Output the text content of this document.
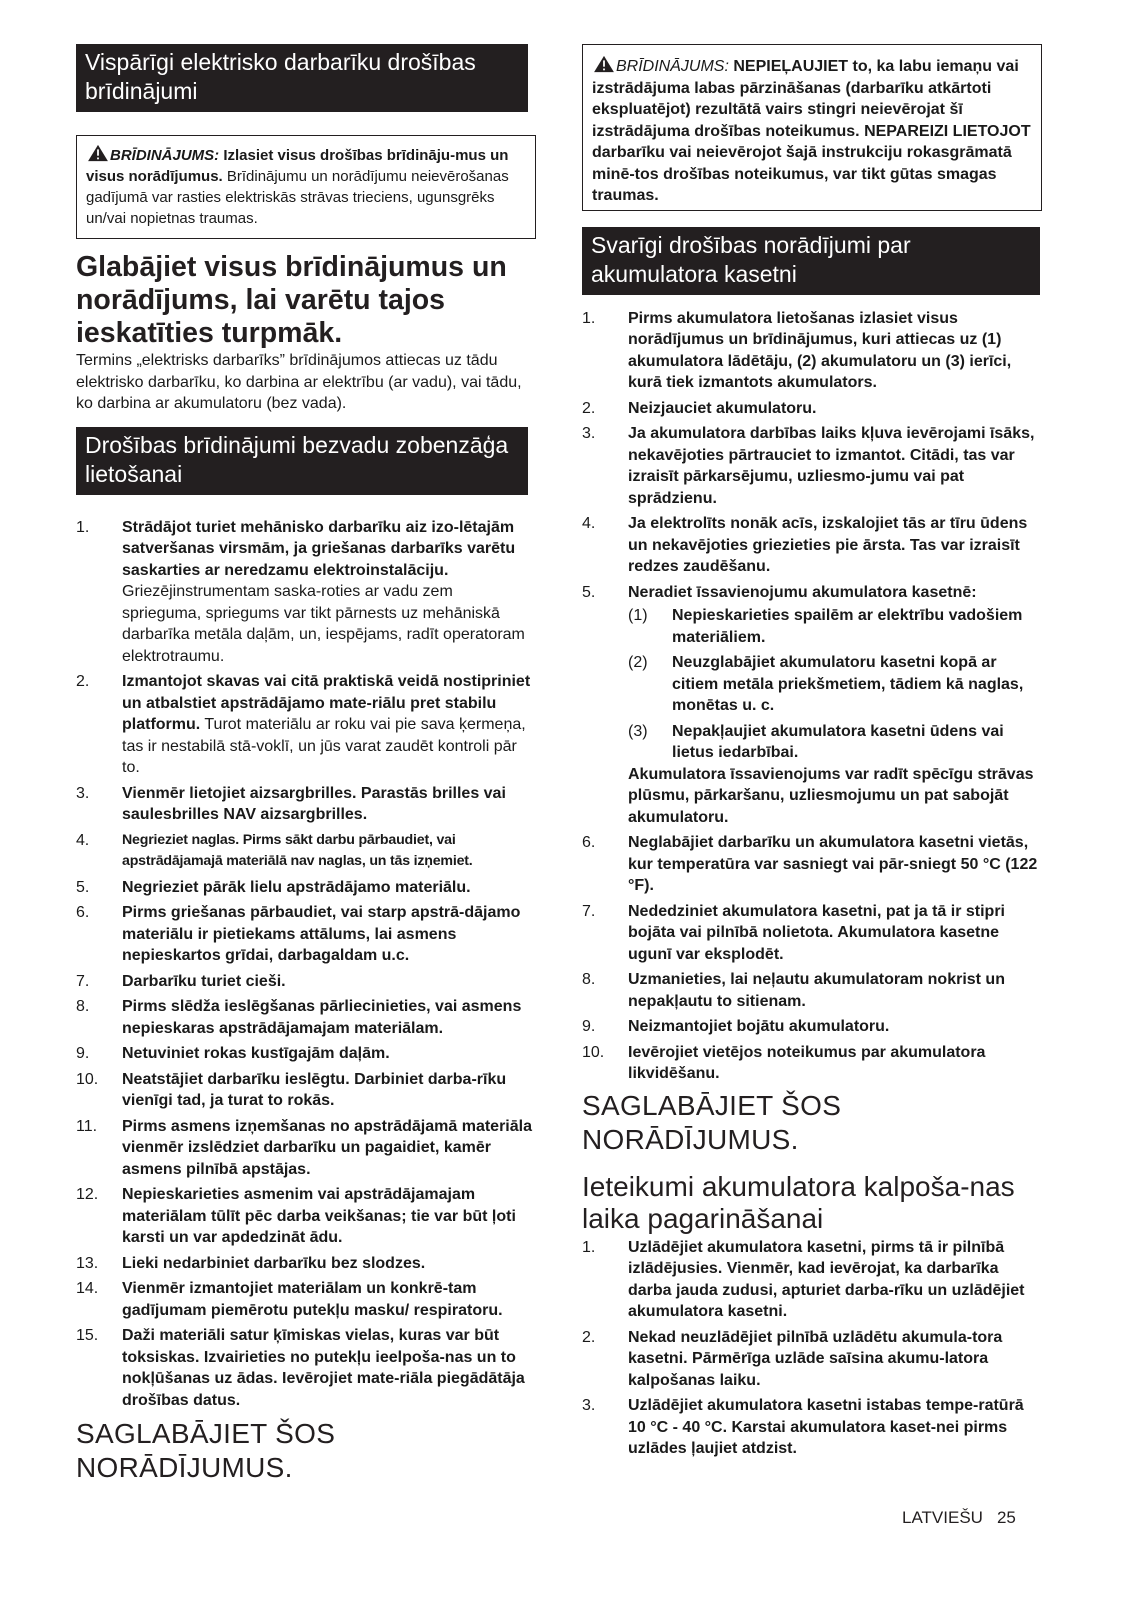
Vispārīgi elektrisko darbarīku drošības brīdinājumi
BRĪDINĀJUMS: Izlasiet visus drošības brīdināju-mus un visus norādījumus. Brīdinājumu un norādījumu neievērošanas gadījumā var rasties elektriskās strāvas trieciens, ugunsgrēks un/vai nopietnas traumas.
Glabājiet visus brīdinājumus un norādījums, lai varētu tajos ieskatīties turpmāk.
Termins „elektrisks darbarīks” brīdinājumos attiecas uz tādu elektrisko darbarīku, ko darbina ar elektrību (ar vadu), vai tādu, ko darbina ar akumulatoru (bez vada).
Drošības brīdinājumi bezvadu zobenzāģa lietošanai
1. Strādājot turiet mehānisko darbarīku aiz izo-lētajām satveršanas virsmām, ja griešanas darbarīks varētu saskarties ar neredzamu elektroinstalāciju. Griezējinstrumentam saska-roties ar vadu zem sprieguma, spriegums var tikt pārnests uz mehāniskā darbarīka metāla daļām, un, iespējams, radīt operatoram elektrotraumu.
2. Izmantojot skavas vai citā praktiskā veidā nostipriniet un atbalstiet apstrādājamo mate-riālu pret stabilu platformu. Turot materiālu ar roku vai pie sava ķermeņa, tas ir nestabilā stā-voklī, un jūs varat zaudēt kontroli pār to.
3. Vienmēr lietojiet aizsargbrilles. Parastās brilles vai saulesbrilles NAV aizsargbrilles.
4. Negrieziet naglas. Pirms sākt darbu pārbaudiet, vai apstrādājamajā materiālā nav naglas, un tās izņemiet.
5. Negrieziet pārāk lielu apstrādājamo materiālu.
6. Pirms griešanas pārbaudiet, vai starp apstrā-dājamo materiālu ir pietiekams attālums, lai asmens nepieskartos grīdai, darbagaldam u.c.
7. Darbarīku turiet cieši.
8. Pirms slēdža ieslēgšanas pārliecinieties, vai asmens nepieskaras apstrādājamajam materiālam.
9. Netuviniet rokas kustīgajām daļām.
10. Neatstājiet darbarīku ieslēgtu. Darbiniet darba-rīku vienīgi tad, ja turat to rokās.
11. Pirms asmens izņemšanas no apstrādājamā materiāla vienmēr izslēdziet darbarīku un pagaidiet, kamēr asmens pilnībā apstājas.
12. Nepieskarieties asmenim vai apstrādājamajam materiālam tūlīt pēc darba veikšanas; tie var būt ļoti karsti un var apdedzināt ādu.
13. Lieki nedarbiniet darbarīku bez slodzes.
14. Vienmēr izmantojiet materiālam un konkrē-tam gadījumam piemērotu putekļu masku/ respiratoru.
15. Daži materiāli satur ķīmiskas vielas, kuras var būt toksiskas. Izvairieties no putekļu ieelpoša-nas un to nokļūšanas uz ādas. Ievērojiet mate-riāla piegādātāja drošības datus.
SAGLABĀJIET ŠOS NORĀDĪJUMUS.
BRĪDINĀJUMS: NEPIEĻAUJIET to, ka labu iemaņu vai izstrādājuma labas pārzināšanas (darbarīku atkārtoti ekspluatējot) rezultātā vairs stingri neievērojat šī izstrādājuma drošības noteikumus. NEPAREIZI LIETOJOT darbarīku vai neievērojot šajā instrukciju rokasgrāmatā minē-tos drošības noteikumus, var tikt gūtas smagas traumas.
Svarīgi drošības norādījumi par akumulatora kasetni
1. Pirms akumulatora lietošanas izlasiet visus norādījumus un brīdinājumus, kuri attiecas uz (1) akumulatora lādētāju, (2) akumulatoru un (3) ierīci, kurā tiek izmantots akumulators.
2. Neizjauciet akumulatoru.
3. Ja akumulatora darbības laiks kļuva ievērojami īsāks, nekavējoties pārtrauciet to izmantot. Citādi, tas var izraisīt pārkarsējumu, uzliesmo-jumu vai pat sprādzienu.
4. Ja elektrolīts nonāk acīs, izskalojiet tās ar tīru ūdens un nekavējoties griezieties pie ārsta. Tas var izraisīt redzes zaudēšanu.
5. Neradiet īssavienojumu akumulatora kasetnē:
(1) Nepieskarieties spailēm ar elektrību vadošiem materiāliem.
(2) Neuzglabājiet akumulatoru kasetni kopā ar citiem metāla priekšmetiem, tādiem kā naglas, monētas u. c.
(3) Nepakļaujiet akumulatora kasetni ūdens vai lietus iedarbībai.
Akumulatora īssavienojums var radīt spēcīgu strāvas plūsmu, pārkaršanu, uzliesmojumu un pat sabojāt akumulatoru.
6. Neglabājiet darbarīku un akumulatora kasetni vietās, kur temperatūra var sasniegt vai pār-sniegt 50 °C (122 °F).
7. Nededziniet akumulatora kasetni, pat ja tā ir stipri bojāta vai pilnībā nolietota. Akumulatora kasetne ugunī var eksplodēt.
8. Uzmanieties, lai neļautu akumulatoram nokrist un nepakļautu to sitienam.
9. Neizmantojiet bojātu akumulatoru.
10. Ievērojiet vietējos noteikumus par akumulatora likvidēšanu.
SAGLABĀJIET ŠOS NORĀDĪJUMUS.
Ieteikumi akumulatora kalpoša-nas laika pagarināšanai
1. Uzlādējiet akumulatora kasetni, pirms tā ir pilnībā izlādējusies. Vienmēr, kad ievērojat, ka darbarīka darba jauda zudusi, apturiet darba-rīku un uzlādējiet akumulatora kasetni.
2. Nekad neuzlādējiet pilnībā uzlādētu akumula-tora kasetni. Pārmērīga uzlāde saīsina akumu-latora kalpošanas laiku.
3. Uzlādējiet akumulatora kasetni istabas tempe-ratūrā 10 °C - 40 °C. Karstai akumulatora kaset-nei pirms uzlādes ļaujiet atdzist.
LATVIEŠU 25
